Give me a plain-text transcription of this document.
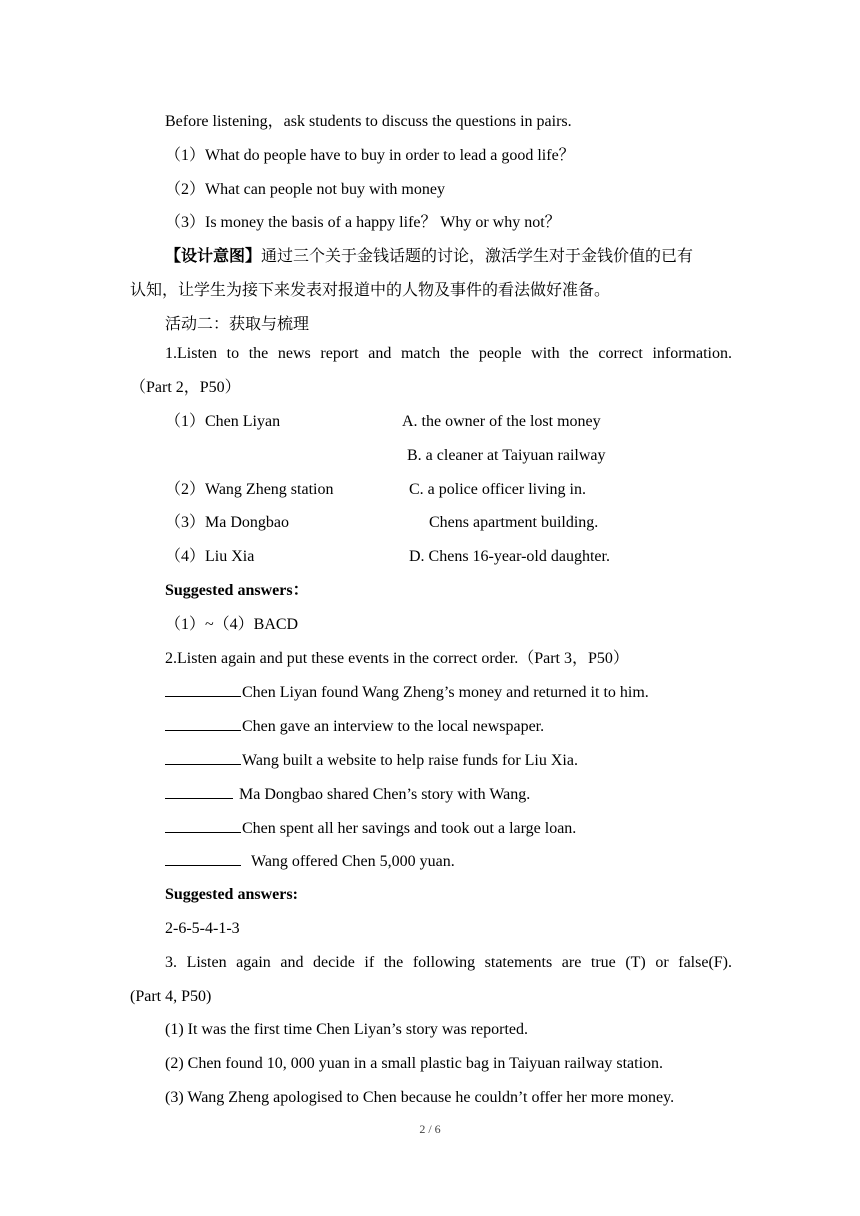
Before listening，ask students to discuss the questions in pairs.
（1）What do people have to buy in order to lead a good life？
（2）What can people not buy with money
（3）Is money the basis of a happy life？ Why or why not？
【设计意图】通过三个关于金钱话题的讨论，激活学生对于金钱价值的已有
认知，让学生为接下来发表对报道中的人物及事件的看法做好准备。
活动二：获取与梳理
1.Listen to the news report and match the people with the correct information.
（Part 2，P50）
（1）Chen Liyan	A. the owner of the lost money
B. a cleaner at Taiyuan railway
（2）Wang Zheng station	C. a police officer living in.
（3）Ma Dongbao	Chens apartment building.
（4）Liu Xia	D. Chens 16-year-old daughter.
Suggested answers：
（1）~（4）BACD
2.Listen again and put these events in the correct order.（Part 3，P50）
Chen Liyan found Wang Zheng’s money and returned it to him.
Chen gave an interview to the local newspaper.
Wang built a website to help raise funds for Liu Xia.
Ma Dongbao shared Chen’s story with Wang.
Chen spent all her savings and took out a large loan.
Wang offered Chen 5,000 yuan.
Suggested answers:
2-6-5-4-1-3
3. Listen again and decide if the following statements are true (T) or false(F).
(Part 4, P50)
(1) It was the first time Chen Liyan’s story was reported.
(2) Chen found 10, 000 yuan in a small plastic bag in Taiyuan railway station.
(3) Wang Zheng apologised to Chen because he couldn’t offer her more money.
2 / 6
